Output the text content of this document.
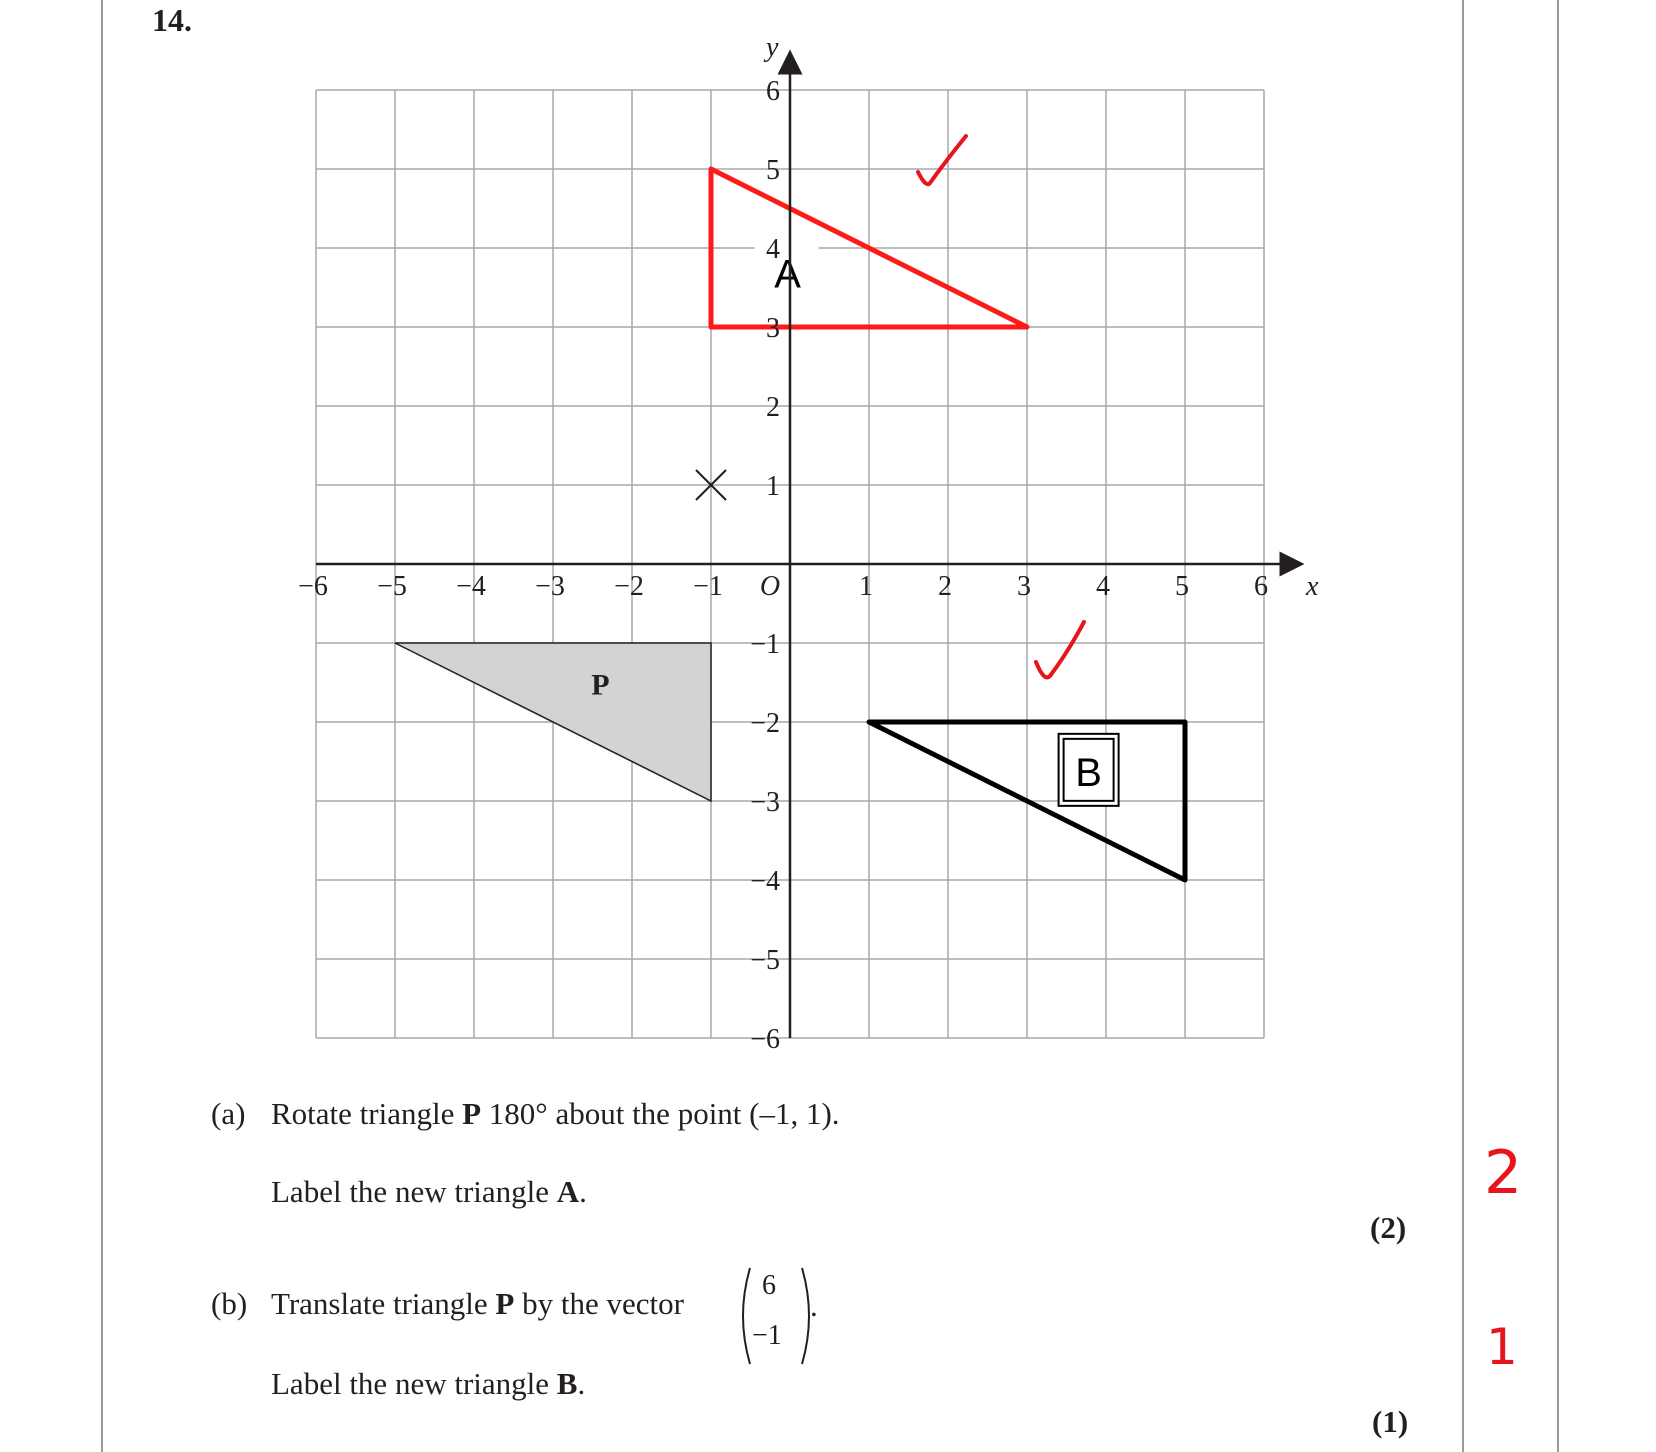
14.
P
A
B
−6 −5 −4 −3 −2 −1	1 2 3 4 5 6
6
5
4
3
2
1
−1
−2
−3
−4
−5
−6
O	x
y
(a) Rotate triangle P 180° about the point (–1, 1).
Label the new triangle A.
(2)
(b) Translate triangle P by the vector
6
−1
.
Label the new triangle B.
(1)
2
1
